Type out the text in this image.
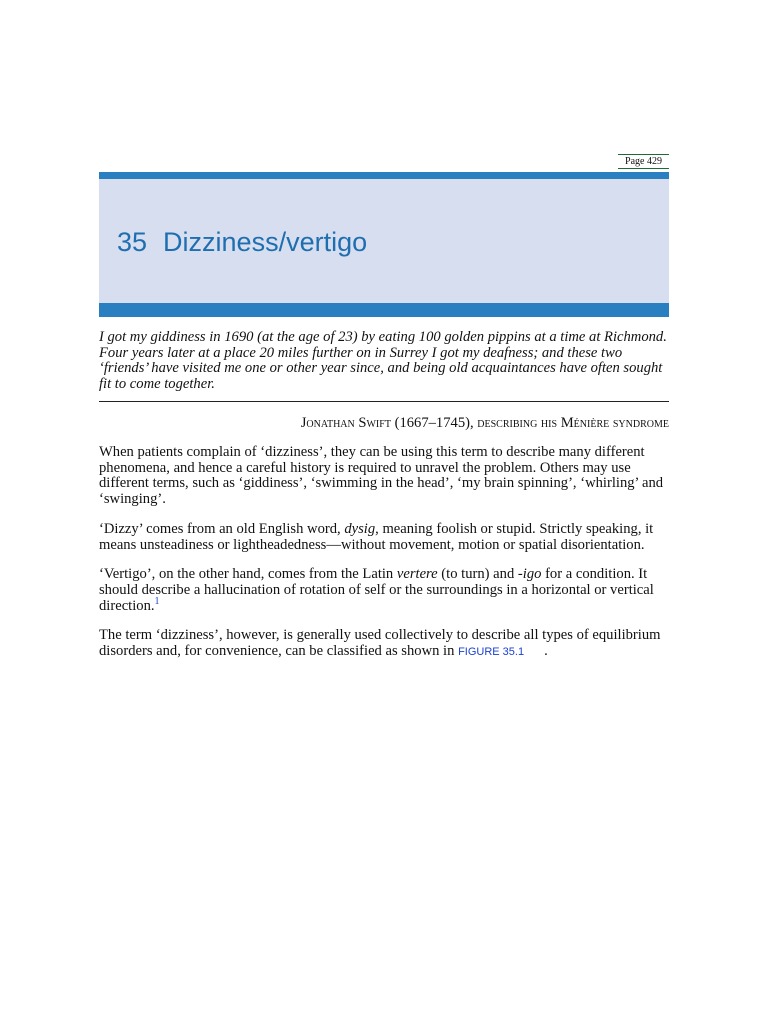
Page 429
35 Dizziness/vertigo
I got my giddiness in 1690 (at the age of 23) by eating 100 golden pippins at a time at Richmond. Four years later at a place 20 miles further on in Surrey I got my deafness; and these two ‘friends’ have visited me one or other year since, and being old acquaintances have often sought fit to come together.
Jonathan Swift (1667–1745), describing his Ménière syndrome

When patients complain of ‘dizziness’, they can be using this term to describe many different phenomena, and hence a careful history is required to unravel the problem. Others may use different terms, such as ‘giddiness’, ‘swimming in the head’, ‘my brain spinning’, ‘whirling’ and ‘swinging’.

‘Dizzy’ comes from an old English word, dysig, meaning foolish or stupid. Strictly speaking, it means unsteadiness or lightheadedness—without movement, motion or spatial disorientation.

‘Vertigo’, on the other hand, comes from the Latin vertere (to turn) and -igo for a condition. It should describe a hallucination of rotation of self or the surroundings in a horizontal or vertical direction.$^1$

The term ‘dizziness’, however, is generally used collectively to describe all types of equilibrium disorders and, for convenience, can be classified as shown in FIGURE 35.1 .
